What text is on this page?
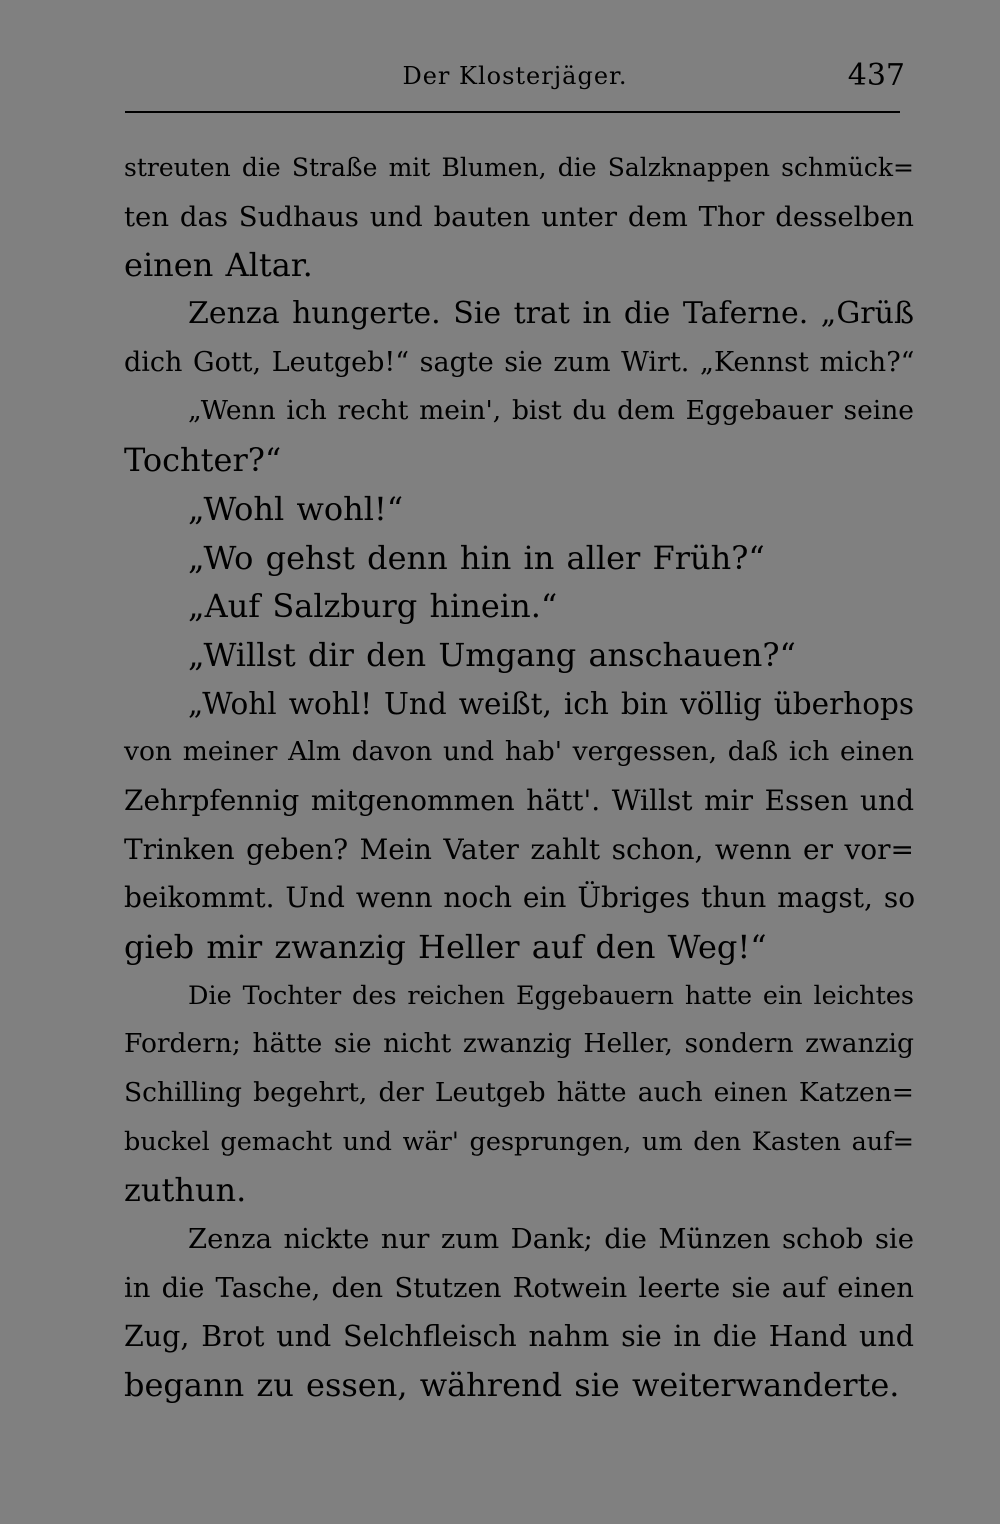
Der Klosterjäger.	437
streuten die Straße mit Blumen, die Salzknappen schmück=
ten das Sudhaus und bauten unter dem Thor desselben
einen Altar.
Zenza hungerte. Sie trat in die Taferne. „Grüß
dich Gott, Leutgeb!“ sagte sie zum Wirt. „Kennst mich?“
„Wenn ich recht mein', bist du dem Eggebauer seine
Tochter?“
„Wohl wohl!“
„Wo gehst denn hin in aller Früh?“
„Auf Salzburg hinein.“
„Willst dir den Umgang anschauen?“
„Wohl wohl! Und weißt, ich bin völlig überhops
von meiner Alm davon und hab' vergessen, daß ich einen
Zehrpfennig mitgenommen hätt'. Willst mir Essen und
Trinken geben? Mein Vater zahlt schon, wenn er vor=
beikommt. Und wenn noch ein Übriges thun magst, so
gieb mir zwanzig Heller auf den Weg!“
Die Tochter des reichen Eggebauern hatte ein leichtes
Fordern; hätte sie nicht zwanzig Heller, sondern zwanzig
Schilling begehrt, der Leutgeb hätte auch einen Katzen=
buckel gemacht und wär' gesprungen, um den Kasten auf=
zuthun.
Zenza nickte nur zum Dank; die Münzen schob sie
in die Tasche, den Stutzen Rotwein leerte sie auf einen
Zug, Brot und Selchfleisch nahm sie in die Hand und
begann zu essen, während sie weiterwanderte.
